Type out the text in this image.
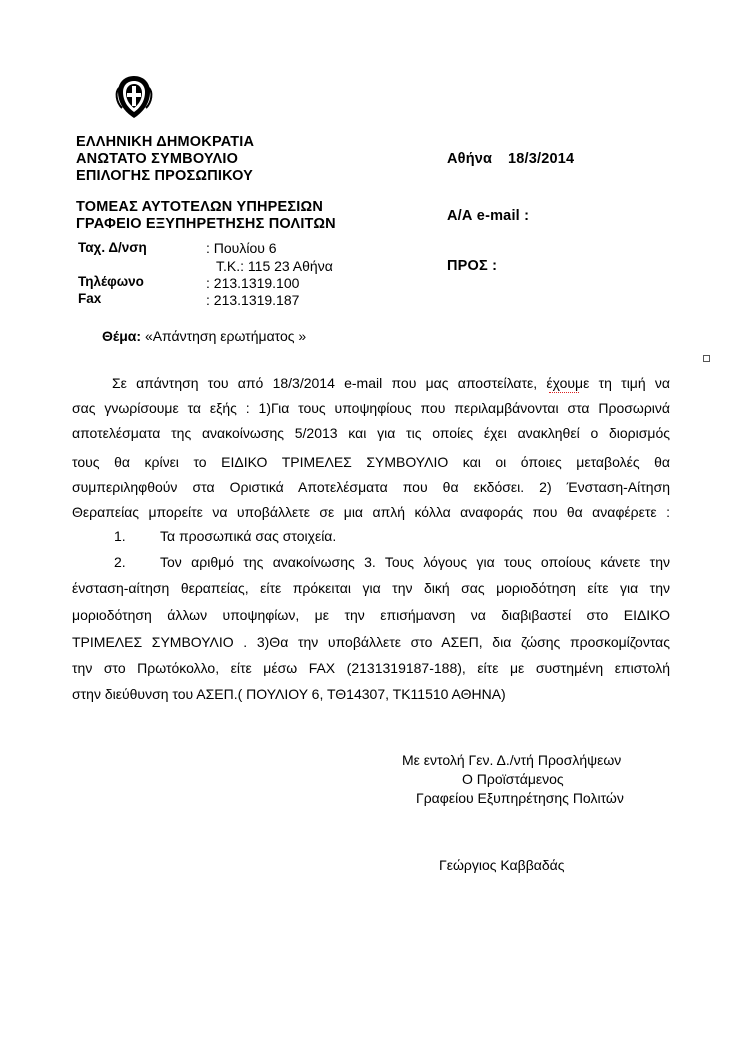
ΕΛΛΗΝΙΚΗ ΔΗΜΟΚΡΑΤΙΑ
ΑΝΩΤΑΤΟ ΣΥΜΒΟΥΛΙΟ
ΕΠΙΛΟΓΗΣ ΠΡΟΣΩΠΙΚΟΥ
ΤΟΜΕΑΣ ΑΥΤΟΤΕΛΩΝ ΥΠΗΡΕΣΙΩΝ
ΓΡΑΦΕΙΟ ΕΞΥΠΗΡΕΤΗΣΗΣ ΠΟΛΙΤΩΝ
Αθήνα 18/3/2014
Α/Α e-mail :
ΠΡΟΣ :
Ταχ. Δ/νση	: Πουλίου 6
Τ.Κ.: 115 23 Αθήνα
Τηλέφωνο	: 213.1319.100
Fax	: 213.1319.187
Θέμα: «Απάντηση ερωτήματος »
Σε απάντηση του από 18/3/2014 e-mail που μας αποστείλατε, έχουμε τη τιμή να
σας γνωρίσουμε τα εξής : 1)Για τους υποψηφίους που περιλαμβάνονται στα Προσωρινά
αποτελέσματα της ανακοίνωσης 5/2013 και για τις οποίες έχει ανακληθεί ο διορισμός
τους θα κρίνει το ΕΙΔΙΚΟ ΤΡΙΜΕΛΕΣ ΣΥΜΒΟΥΛΙΟ και οι όποιες μεταβολές θα
συμπεριληφθούν στα Οριστικά Αποτελέσματα που θα εκδόσει. 2) Ένσταση-Αίτηση
Θεραπείας μπορείτε να υποβάλλετε σε μια απλή κόλλα αναφοράς που θα αναφέρετε :
1. Τα προσωπικά σας στοιχεία.
2. Τον αριθμό της ανακοίνωσης 3. Τους λόγους για τους οποίους κάνετε την
ένσταση-αίτηση θεραπείας, είτε πρόκειται για την δική σας μοριοδότηση είτε για την
μοριοδότηση άλλων υποψηφίων, με την επισήμανση να διαβιβαστεί στο ΕΙΔΙΚΟ
ΤΡΙΜΕΛΕΣ ΣΥΜΒΟΥΛΙΟ . 3)Θα την υποβάλλετε στο ΑΣΕΠ, δια ζώσης προσκομίζοντας
την στο Πρωτόκολλο, είτε μέσω FAX (2131319187-188), είτε με συστημένη επιστολή
στην διεύθυνση του ΑΣΕΠ.( ΠΟΥΛΙΟΥ 6, ΤΘ14307, ΤΚ11510 ΑΘΗΝΑ)
Με εντολή Γεν. Δ./ντή Προσλήψεων
Ο Προϊστάμενος
Γραφείου Εξυπηρέτησης Πολιτών
Γεώργιος Καββαδάς
